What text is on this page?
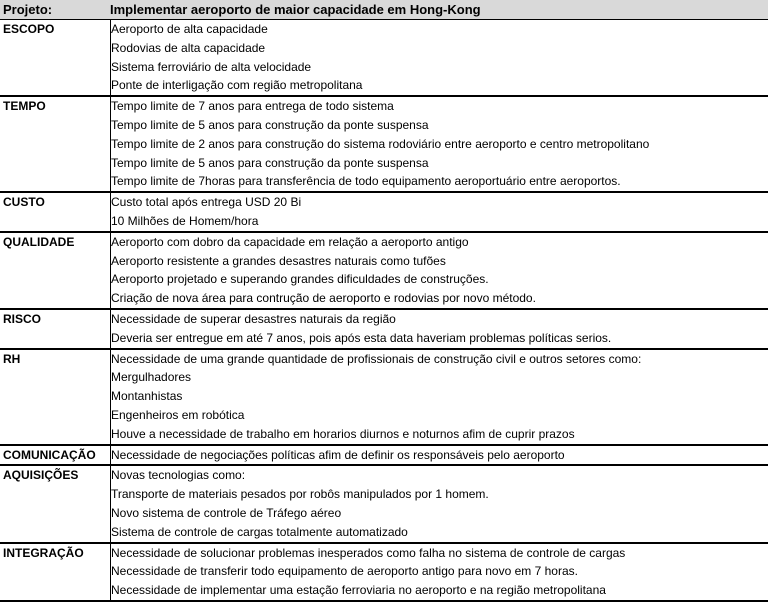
Projeto:	Implementar aeroporto de maior capacidade em Hong-Kong
ESCOPO	Aeroporto de alta capacidade
Rodovias de alta capacidade
Sistema ferroviário de alta velocidade
Ponte de interligação com região metropolitana
TEMPO	Tempo limite de 7 anos para entrega de todo sistema
Tempo limite de 5 anos para construção da ponte suspensa
Tempo limite de 2 anos para construção do sistema rodoviário entre aeroporto e centro metropolitano
Tempo limite de 5 anos para construção da ponte suspensa
Tempo limite de 7horas para transferência de todo equipamento aeroportuário entre aeroportos.
CUSTO	Custo total após entrega USD 20 Bi
10 Milhões de Homem/hora
QUALIDADE	Aeroporto com dobro da capacidade em relação a aeroporto antigo
Aeroporto resistente a grandes desastres naturais como tufões
Aeroporto projetado e superando grandes dificuldades de construções.
Criação de nova área para contrução de aeroporto e rodovias por novo método.
RISCO	Necessidade de superar desastres naturais da região
Deveria ser entregue em até 7 anos, pois após esta data haveriam problemas políticas serios.
RH	Necessidade de uma grande quantidade de profissionais de construção civil e outros setores como:
Mergulhadores
Montanhistas
Engenheiros em robótica
Houve a necessidade de trabalho em horarios diurnos e noturnos afim de cuprir prazos
COMUNICAÇÃO	Necessidade de negociações políticas afim de definir os responsáveis pelo aeroporto
AQUISIÇÕES	Novas tecnologias como:
Transporte de materiais pesados por robôs manipulados por 1 homem.
Novo sistema de controle de Tráfego aéreo
Sistema de controle de cargas totalmente automatizado
INTEGRAÇÃO	Necessidade de solucionar problemas inesperados como falha no sistema de controle de cargas
Necessidade de transferir todo equipamento de aeroporto antigo para novo em 7 horas.
Necessidade de implementar uma estação ferroviaria no aeroporto e na região metropolitana
